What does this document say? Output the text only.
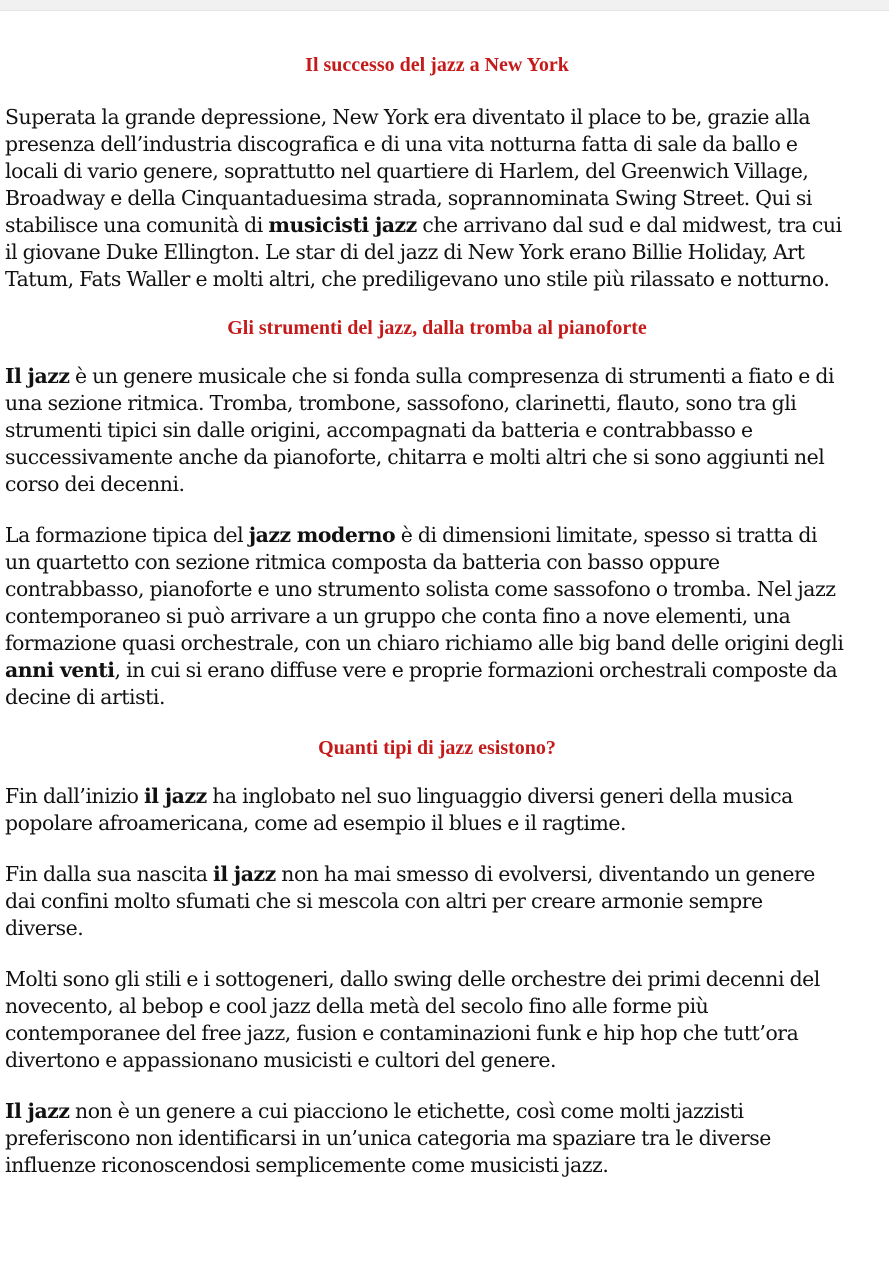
Il successo del jazz a New York

Superata la grande depressione, New York era diventato il place to be, grazie alla presenza dell’industria discografica e di una vita notturna fatta di sale da ballo e locali di vario genere, soprattutto nel quartiere di Harlem, del Greenwich Village, Broadway e della Cinquantaduesima strada, soprannominata Swing Street. Qui si stabilisce una comunità di musicisti jazz che arrivano dal sud e dal midwest, tra cui il giovane Duke Ellington. Le star di del jazz di New York erano Billie Holiday, Art Tatum, Fats Waller e molti altri, che prediligevano uno stile più rilassato e notturno.

Gli strumenti del jazz, dalla tromba al pianoforte

Il jazz è un genere musicale che si fonda sulla compresenza di strumenti a fiato e di una sezione ritmica. Tromba, trombone, sassofono, clarinetti, flauto, sono tra gli strumenti tipici sin dalle origini, accompagnati da batteria e contrabbasso e successivamente anche da pianoforte, chitarra e molti altri che si sono aggiunti nel corso dei decenni.

La formazione tipica del jazz moderno è di dimensioni limitate, spesso si tratta di un quartetto con sezione ritmica composta da batteria con basso oppure contrabbasso, pianoforte e uno strumento solista come sassofono o tromba. Nel jazz contemporaneo si può arrivare a un gruppo che conta fino a nove elementi, una formazione quasi orchestrale, con un chiaro richiamo alle big band delle origini degli anni venti, in cui si erano diffuse vere e proprie formazioni orchestrali composte da decine di artisti.

Quanti tipi di jazz esistono?

Fin dall’inizio il jazz ha inglobato nel suo linguaggio diversi generi della musica popolare afroamericana, come ad esempio il blues e il ragtime.

Fin dalla sua nascita il jazz non ha mai smesso di evolversi, diventando un genere dai confini molto sfumati che si mescola con altri per creare armonie sempre diverse.

Molti sono gli stili e i sottogeneri, dallo swing delle orchestre dei primi decenni del novecento, al bebop e cool jazz della metà del secolo fino alle forme più contemporanee del free jazz, fusion e contaminazioni funk e hip hop che tutt’ora divertono e appassionano musicisti e cultori del genere.

Il jazz non è un genere a cui piacciono le etichette, così come molti jazzisti preferiscono non identificarsi in un’unica categoria ma spaziare tra le diverse influenze riconoscendosi semplicemente come musicisti jazz.
